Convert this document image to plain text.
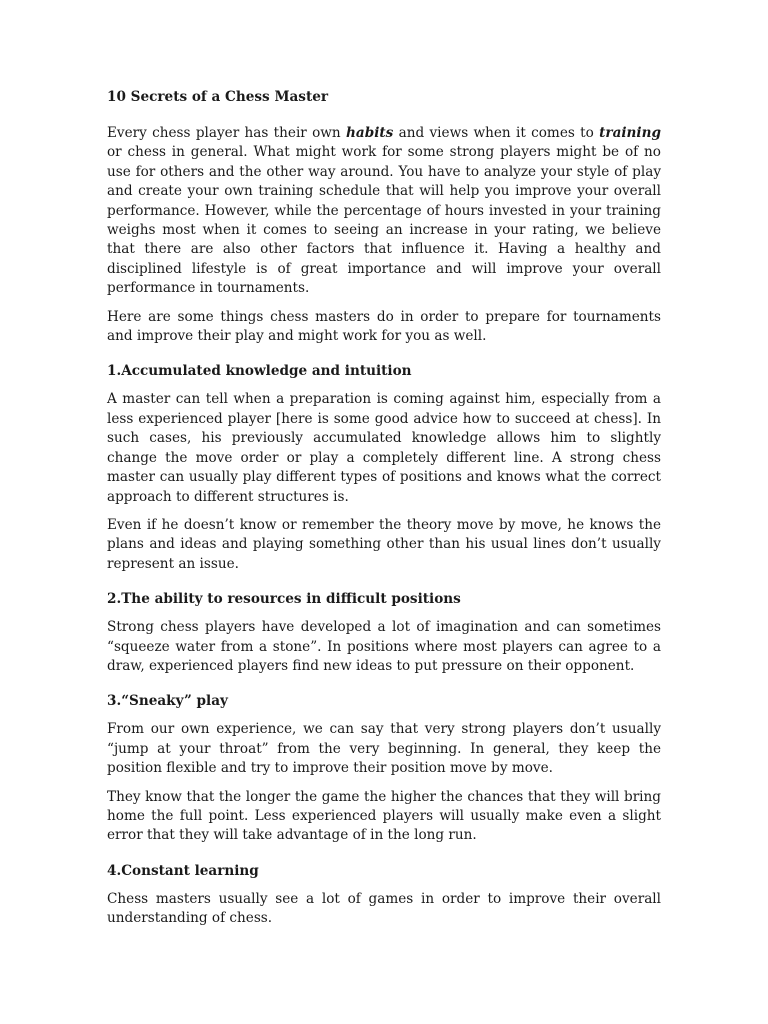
10 Secrets of a Chess Master

Every chess player has their own habits and views when it comes to training or chess in general. What might work for some strong players might be of no use for others and the other way around. You have to analyze your style of play and create your own training schedule that will help you improve your overall performance. However, while the percentage of hours invested in your training weighs most when it comes to seeing an increase in your rating, we believe that there are also other factors that influence it. Having a healthy and disciplined lifestyle is of great importance and will improve your overall performance in tournaments.

Here are some things chess masters do in order to prepare for tournaments and improve their play and might work for you as well.

1.Accumulated knowledge and intuition

A master can tell when a preparation is coming against him, especially from a less experienced player [here is some good advice how to succeed at chess]. In such cases, his previously accumulated knowledge allows him to slightly change the move order or play a completely different line. A strong chess master can usually play different types of positions and knows what the correct approach to different structures is.

Even if he doesn’t know or remember the theory move by move, he knows the plans and ideas and playing something other than his usual lines don’t usually represent an issue.

2.The ability to resources in difficult positions

Strong chess players have developed a lot of imagination and can sometimes “squeeze water from a stone”. In positions where most players can agree to a draw, experienced players find new ideas to put pressure on their opponent.

3.“Sneaky” play

From our own experience, we can say that very strong players don’t usually “jump at your throat” from the very beginning. In general, they keep the position flexible and try to improve their position move by move.

They know that the longer the game the higher the chances that they will bring home the full point. Less experienced players will usually make even a slight error that they will take advantage of in the long run.

4.Constant learning

Chess masters usually see a lot of games in order to improve their overall understanding of chess.
